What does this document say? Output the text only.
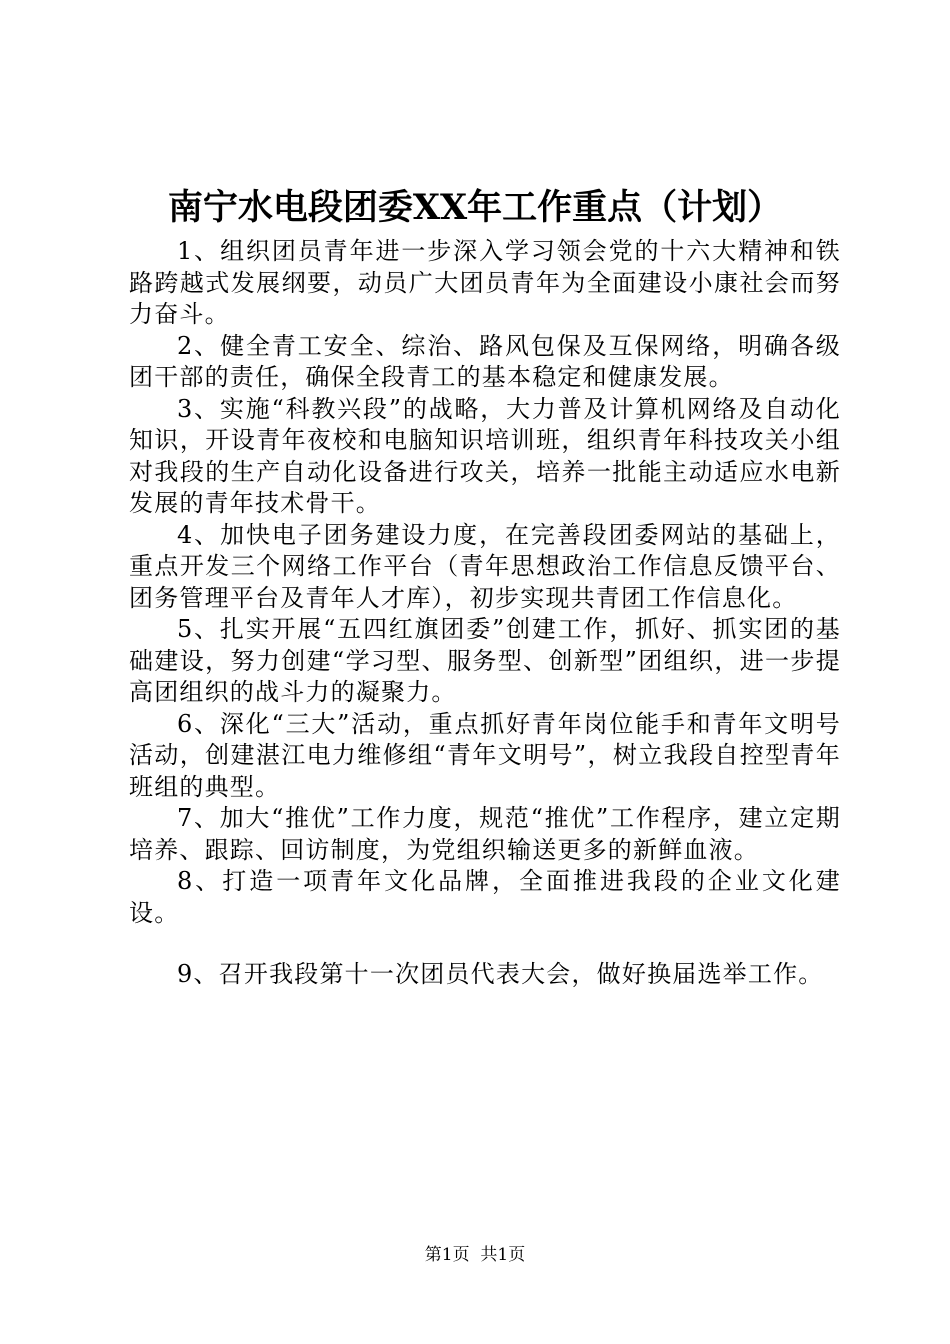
南宁水电段团委XX年工作重点（计划）

1、组织团员青年进一步深入学习领会党的十六大精神和铁路跨越式发展纲要，动员广大团员青年为全面建设小康社会而努力奋斗。

2、健全青工安全、综治、路风包保及互保网络，明确各级团干部的责任，确保全段青工的基本稳定和健康发展。

3、实施“科教兴段”的战略，大力普及计算机网络及自动化知识，开设青年夜校和电脑知识培训班，组织青年科技攻关小组对我段的生产自动化设备进行攻关，培养一批能主动适应水电新发展的青年技术骨干。

4、加快电子团务建设力度，在完善段团委网站的基础上，重点开发三个网络工作平台（青年思想政治工作信息反馈平台、团务管理平台及青年人才库），初步实现共青团工作信息化。

5、扎实开展“五四红旗团委”创建工作，抓好、抓实团的基础建设，努力创建“学习型、服务型、创新型”团组织，进一步提高团组织的战斗力的凝聚力。

6、深化“三大”活动，重点抓好青年岗位能手和青年文明号活动，创建湛江电力维修组“青年文明号”，树立我段自控型青年班组的典型。

7、加大“推优”工作力度，规范“推优”工作程序，建立定期培养、跟踪、回访制度，为党组织输送更多的新鲜血液。

8、打造一项青年文化品牌，全面推进我段的企业文化建设。

9、召开我段第十一次团员代表大会，做好换届选举工作。

第1页  共1页
